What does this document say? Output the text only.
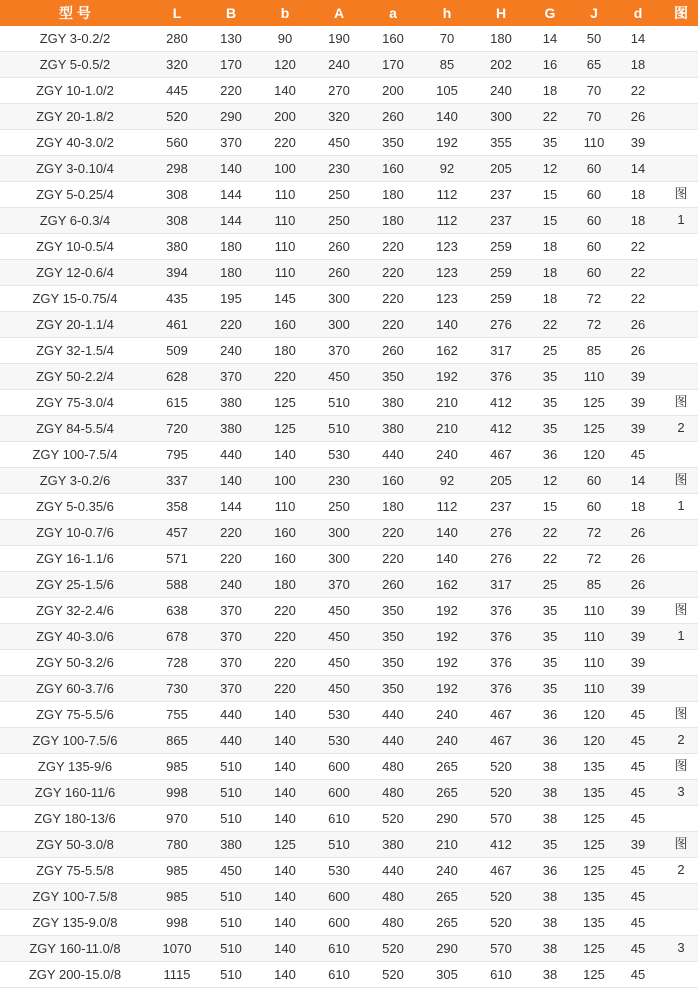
型 号	L	B	b	A	a	h	H	G	J	d	图
ZGY 3-0.2/2	280	130	90	190	160	70	180	14	50	14	
ZGY 5-0.5/2	320	170	120	240	170	85	202	16	65	18	
ZGY 10-1.0/2	445	220	140	270	200	105	240	18	70	22	
ZGY 20-1.8/2	520	290	200	320	260	140	300	22	70	26	
ZGY 40-3.0/2	560	370	220	450	350	192	355	35	110	39	
ZGY 3-0.10/4	298	140	100	230	160	92	205	12	60	14	
ZGY 5-0.25/4	308	144	110	250	180	112	237	15	60	18	图
ZGY 6-0.3/4	308	144	110	250	180	112	237	15	60	18	1
ZGY 10-0.5/4	380	180	110	260	220	123	259	18	60	22	
ZGY 12-0.6/4	394	180	110	260	220	123	259	18	60	22	
ZGY 15-0.75/4	435	195	145	300	220	123	259	18	72	22	
ZGY 20-1.1/4	461	220	160	300	220	140	276	22	72	26	
ZGY 32-1.5/4	509	240	180	370	260	162	317	25	85	26	
ZGY 50-2.2/4	628	370	220	450	350	192	376	35	110	39	
ZGY 75-3.0/4	615	380	125	510	380	210	412	35	125	39	图
ZGY 84-5.5/4	720	380	125	510	380	210	412	35	125	39	2
ZGY 100-7.5/4	795	440	140	530	440	240	467	36	120	45	
ZGY 3-0.2/6	337	140	100	230	160	92	205	12	60	14	图
ZGY 5-0.35/6	358	144	110	250	180	112	237	15	60	18	1
ZGY 10-0.7/6	457	220	160	300	220	140	276	22	72	26	
ZGY 16-1.1/6	571	220	160	300	220	140	276	22	72	26	
ZGY 25-1.5/6	588	240	180	370	260	162	317	25	85	26	
ZGY 32-2.4/6	638	370	220	450	350	192	376	35	110	39	图
ZGY 40-3.0/6	678	370	220	450	350	192	376	35	110	39	1
ZGY 50-3.2/6	728	370	220	450	350	192	376	35	110	39	
ZGY 60-3.7/6	730	370	220	450	350	192	376	35	110	39	
ZGY 75-5.5/6	755	440	140	530	440	240	467	36	120	45	图
ZGY 100-7.5/6	865	440	140	530	440	240	467	36	120	45	2
ZGY 135-9/6	985	510	140	600	480	265	520	38	135	45	图
ZGY 160-11/6	998	510	140	600	480	265	520	38	135	45	3
ZGY 180-13/6	970	510	140	610	520	290	570	38	125	45	
ZGY 50-3.0/8	780	380	125	510	380	210	412	35	125	39	图
ZGY 75-5.5/8	985	450	140	530	440	240	467	36	125	45	2
ZGY 100-7.5/8	985	510	140	600	480	265	520	38	135	45	
ZGY 135-9.0/8	998	510	140	600	480	265	520	38	135	45	
ZGY 160-11.0/8	1070	510	140	610	520	290	570	38	125	45	3
ZGY 200-15.0/8	1115	510	140	610	520	305	610	38	125	45	
